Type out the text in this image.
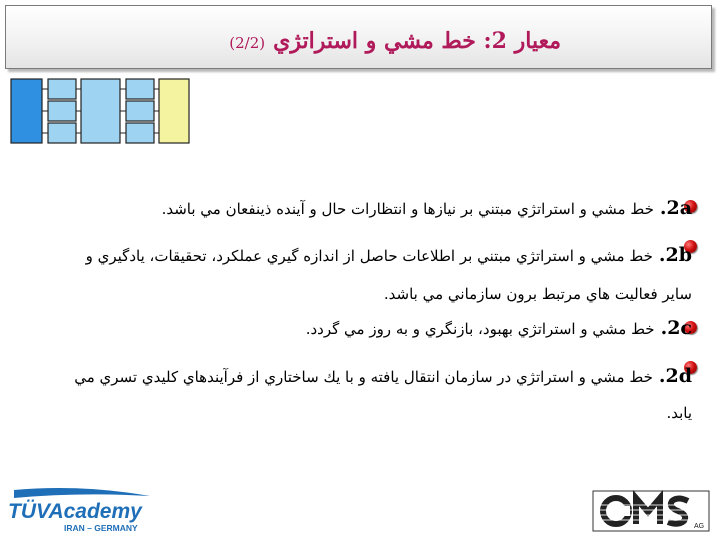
معيار 2: خط مشي و استراتژي(2/2)
2a.خط مشي و استراتژي مبتني بر نيازها و انتظارات حال و آينده ذينفعان مي باشد.
2b.خط مشي و استراتژي مبتني بر اطلاعات حاصل از اندازه گيري عملكرد، تحقيقات، يادگيري و ساير فعاليت هاي مرتبط برون سازماني مي باشد.
2c.خط مشي و استراتژي بهبود، بازنگري و به روز مي گردد.
2d.خط مشي و استراتژي در سازمان انتقال يافته و با يك ساختاري از فرآيندهاي كليدي تسري مي يابد.
TÜVAcademy
IRAN – GERMANY	AG
